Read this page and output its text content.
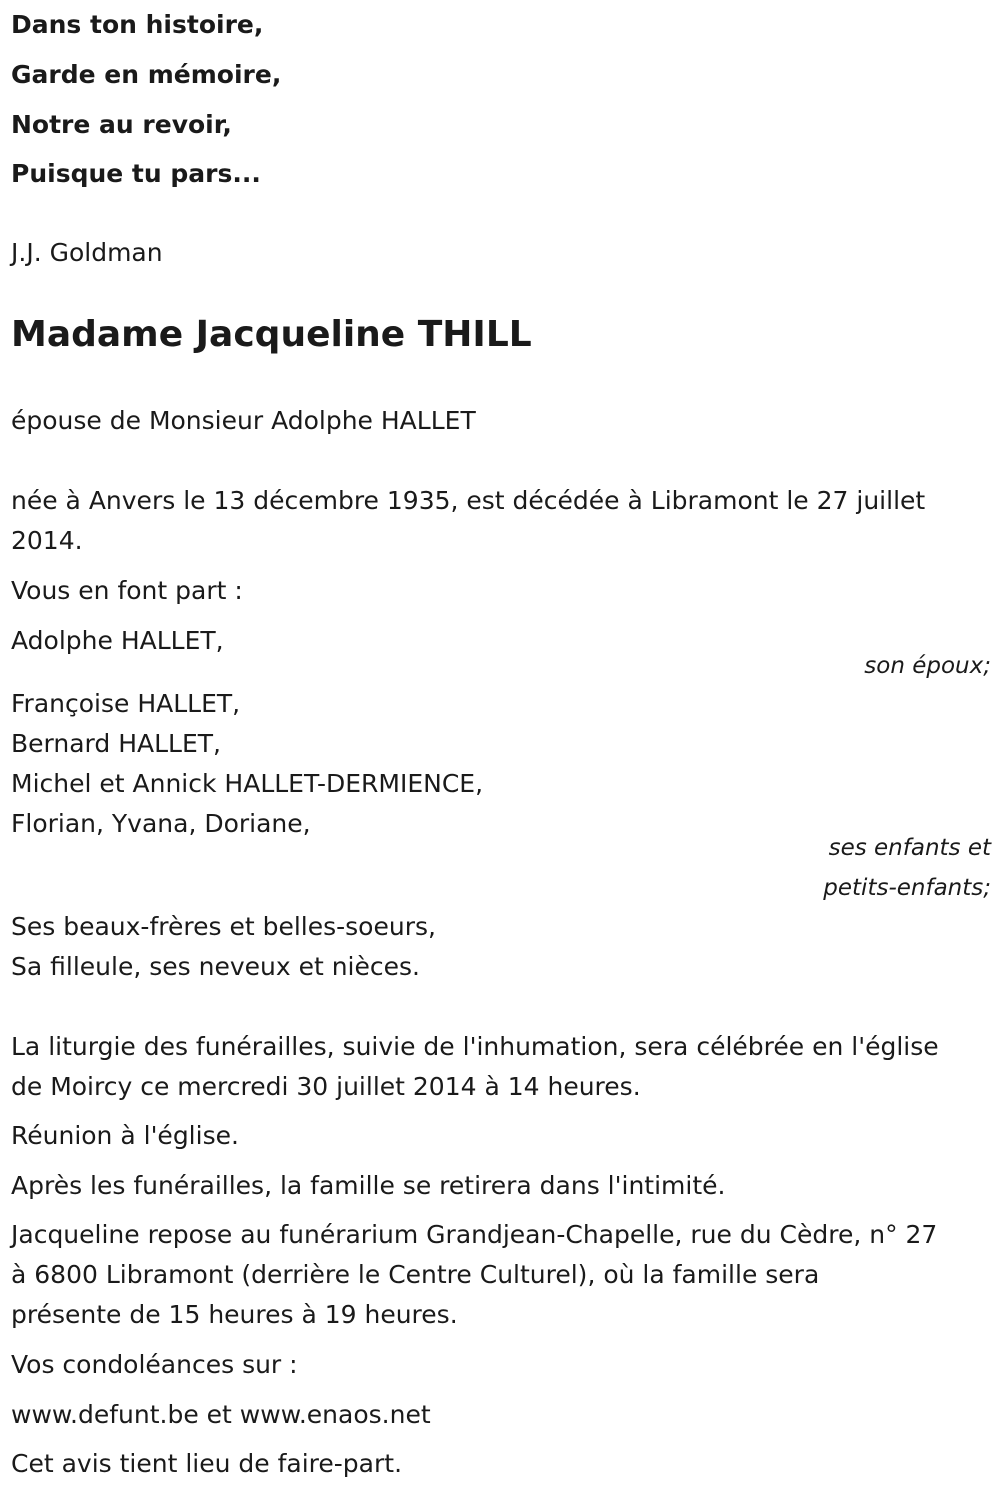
Dans ton histoire,
Garde en mémoire,
Notre au revoir,
Puisque tu pars...
J.J. Goldman
Madame Jacqueline THILL
épouse de Monsieur Adolphe HALLET
née à Anvers le 13 décembre 1935, est décédée à Libramont le 27 juillet
2014.
Vous en font part :
Adolphe HALLET,
son époux;
Françoise HALLET,
Bernard HALLET,
Michel et Annick HALLET-DERMIENCE,
Florian, Yvana, Doriane,
ses enfants et
petits-enfants;
Ses beaux-frères et belles-soeurs,
Sa filleule, ses neveux et nièces.
La liturgie des funérailles, suivie de l'inhumation, sera célébrée en l'église
de Moircy ce mercredi 30 juillet 2014 à 14 heures.
Réunion à l'église.
Après les funérailles, la famille se retirera dans l'intimité.
Jacqueline repose au funérarium Grandjean-Chapelle, rue du Cèdre, n° 27
à 6800 Libramont (derrière le Centre Culturel), où la famille sera
présente de 15 heures à 19 heures.
Vos condoléances sur :
www.defunt.be et www.enaos.net
Cet avis tient lieu de faire-part.
